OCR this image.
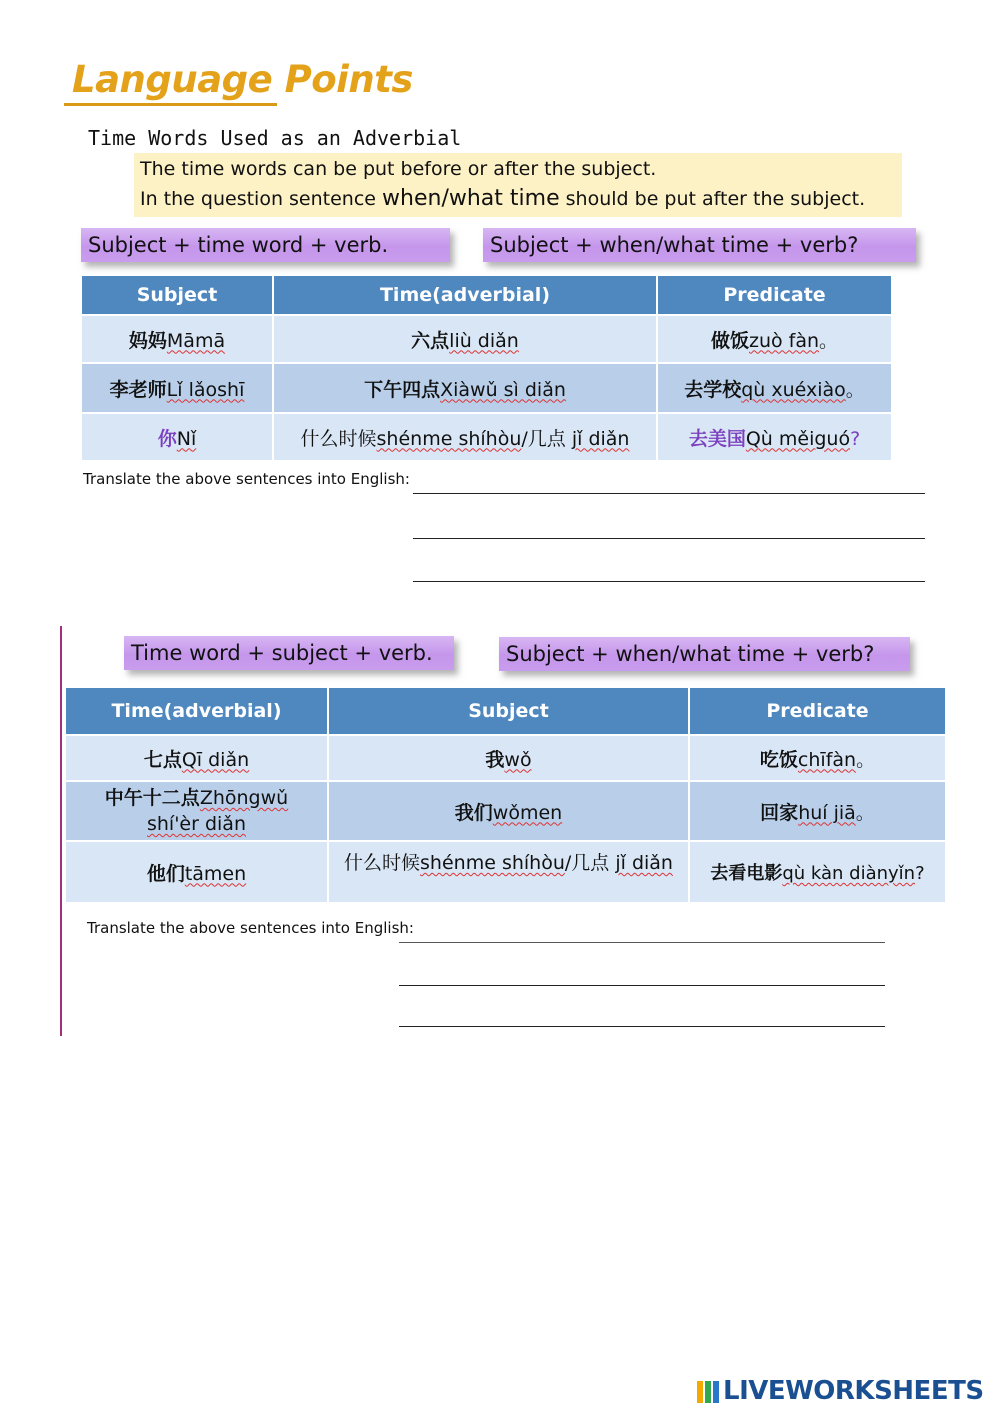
Language Points
Time Words Used as an Adverbial
The time words can be put before or after the subject.
In the question sentence when/what time should be put after the subject.
Subject + time word + verb.	Subject + when/what time + verb?
Subject	Time(adverbial)	Predicate
妈妈Māmā	六点liù diǎn	做饭zuò fàn。
李老师Lǐ lǎoshī	下午四点Xiàwǔ sì diǎn	去学校qù xuéxiào。
你Nǐ	什么时候shénme shíhòu/几点 jǐ diǎn	去美国Qù měiguó?
Translate the above sentences into English:
Time word + subject + verb.	Subject + when/what time + verb?
Time(adverbial)	Subject	Predicate
七点Qī diǎn	我wǒ	吃饭chīfàn。
中午十二点Zhōngwǔ
shí'èr diǎn	我们wǒmen	回家huí jiā。
他们tāmen	什么时候shénme shíhòu/几点 jǐ diǎn	去看电影qù kàn diànyǐn?
Translate the above sentences into English:
LIVEWORKSHEETS
